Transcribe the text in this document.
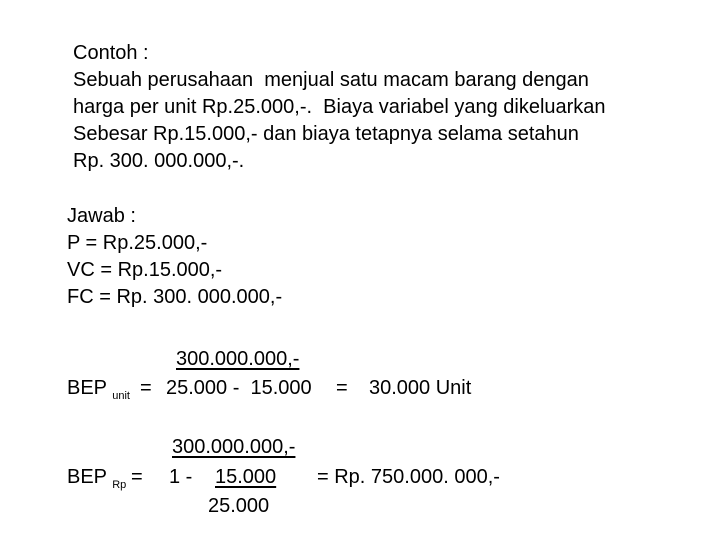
Contoh :
Sebuah perusahaan  menjual satu macam barang dengan
harga per unit Rp.25.000,-.  Biaya variabel yang dikeluarkan
Sebesar Rp.15.000,- dan biaya tetapnya selama setahun
Rp. 300. 000.000,-.
Jawab :
P = Rp.25.000,-
VC = Rp.15.000,-
FC = Rp. 300. 000.000,-
300.000.000,-
BEP $_{unit}$ = 25.000 -  15.000 = 30.000 Unit
300.000.000,-
BEP $_{Rp}$ = 1 - 15.000 = Rp. 750.000. 000,-
25.000
